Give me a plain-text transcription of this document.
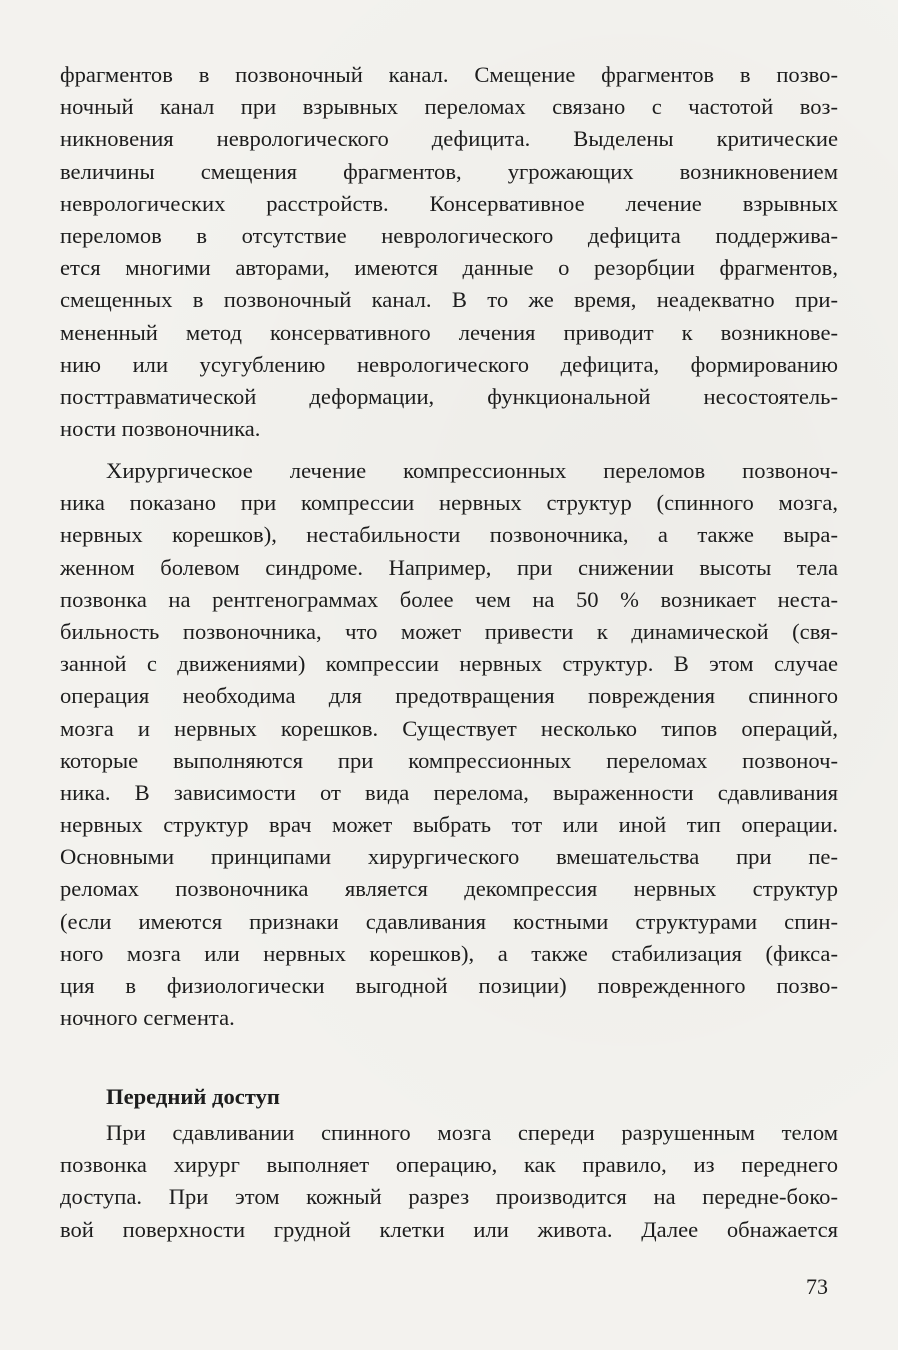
фрагментов в позвоночный канал. Смещение фрагментов в позво-
ночный канал при взрывных переломах связано с частотой воз-
никновения неврологического дефицита. Выделены критические
величины смещения фрагментов, угрожающих возникновением
неврологических расстройств. Консервативное лечение взрывных
переломов в отсутствие неврологического дефицита поддержива-
ется многими авторами, имеются данные о резорбции фрагментов,
смещенных в позвоночный канал. В то же время, неадекватно при-
мененный метод консервативного лечения приводит к возникнове-
нию или усугублению неврологического дефицита, формированию
посттравматической деформации, функциональной несостоятель-
ности позвоночника.
Хирургическое лечение компрессионных переломов позвоноч-
ника показано при компрессии нервных структур (спинного мозга,
нервных корешков), нестабильности позвоночника, а также выра-
женном болевом синдроме. Например, при снижении высоты тела
позвонка на рентгенограммах более чем на 50 % возникает неста-
бильность позвоночника, что может привести к динамической (свя-
занной с движениями) компрессии нервных структур. В этом случае
операция необходима для предотвращения повреждения спинного
мозга и нервных корешков. Существует несколько типов операций,
которые выполняются при компрессионных переломах позвоноч-
ника. В зависимости от вида перелома, выраженности сдавливания
нервных структур врач может выбрать тот или иной тип операции.
Основными принципами хирургического вмешательства при пе-
реломах позвоночника является декомпрессия нервных структур
(если имеются признаки сдавливания костными структурами спин-
ного мозга или нервных корешков), а также стабилизация (фикса-
ция в физиологически выгодной позиции) поврежденного позво-
ночного сегмента.
Передний доступ
При сдавливании спинного мозга спереди разрушенным телом
позвонка хирург выполняет операцию, как правило, из переднего
доступа. При этом кожный разрез производится на передне-боко-
вой поверхности грудной клетки или живота. Далее обнажается
73
